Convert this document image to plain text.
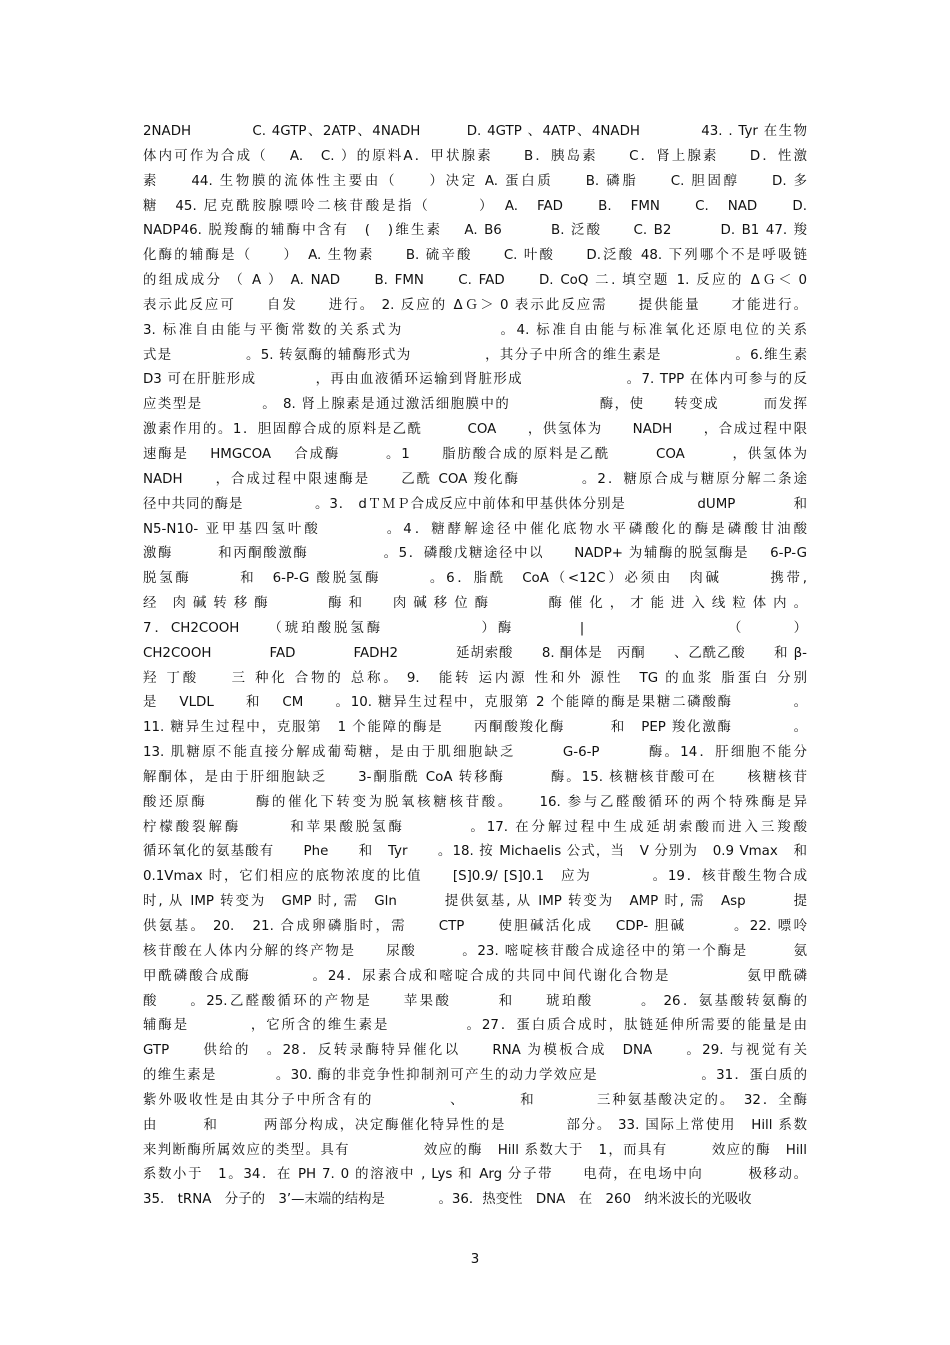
2NADH　　　　C. 4GTP、2ATP、4NADH　　　D. 4GTP 、4ATP、4NADH　　　　43. . Tyr 在生物
体内可作为合成（　 A.　C. ）的原料A．甲状腺素　　B．胰岛素　　C．肾上腺素　　D．性激
素　　44. 生物膜的流体性主要由（　　）决定 A. 蛋白质　　B. 磷脂　　C. 胆固醇　　D. 多
糖　45. 尼克酰胺腺嘌呤二核苷酸是指（　　　）　A.　FAD　　B.　FMN　　C.　NAD　　D.
NADP46. 脱羧酶的辅酶中含有　(　)维生素　 A. B6　　　B. 泛酸　　C. B2　　　D. B1 47. 羧
化酶的辅酶是（　　）　A. 生物素　　B. 硫辛酸　　C. 叶酸　　D.泛酸 48. 下列哪个不是呼吸链
的组成成分 （ A ） A. NAD　　B. FMN　　C. FAD　　D. CoQ 二. 填空题 1. 反应的 ΔＧ＜ 0
表示此反应可　　自发　　进行。 2. 反应的 ΔＧ＞ 0 表示此反应需　　提供能量　　才能进行。
3. 标准自由能与平衡常数的关系式为　　　　　　。4. 标准自由能与标准氧化还原电位的关系
式是　　　　　。5. 转氨酶的辅酶形式为　　　　　，其分子中所含的维生素是　　　　　。6.维生素
D3 可在肝脏形成　　　　，再由血液循环运输到肾脏形成　　　　　　　。7. TPP 在体内可参与的反
应类型是　　　　。 8. 肾上腺素是通过激活细胞膜中的　　　　　　酶，使　　转变成　　　而发挥
激素作用的。1．胆固醇合成的原料是乙酰　　　COA　　，供氢体为　　NADH　　，合成过程中限
速酶是　 HMGCOA　 合成酶　　　。1　　脂肪酸合成的原料是乙酰　　　COA　　　，供氢体为
NADH　　，合成过程中限速酶是　　乙酰 COA 羧化酶　　　　。2．糖原合成与糖原分解二条途
径中共同的酶是　　　　　。3． dＴＭＰ合成反应中前体和甲基供体分别是　　　　　dUMP　　　　和
N5-N10- 亚甲基四氢叶酸　　　　。4．糖酵解途径中催化底物水平磷酸化的酶是磷酸甘油酸
激酶　　　和丙酮酸激酶　　　　　。5．磷酸戊糖途径中以　　NADP+ 为辅酶的脱氢酶是　 6-P-G
脱氢酶　　　和　6-P-G 酸脱氢酶　　　。6．脂酰　CoA（<12C）必须由　肉碱　　　携带,
经　肉 碱 转 移 酶　　　　酶 和　　肉 碱 移 位 酶　　　　酶 催 化 ， 才 能 进 入 线 粒 体 内 。
7．CH2COOH　　（琥珀酸脱氢酶　　　　　　）酶　　　　|　　　　　　　　　（　　　）
CH2COOH　　　　FAD　　　　FADH2　　　　延胡索酸　　8. 酮体是　丙酮　　、乙酰乙酸　　和 β-
羟 丁酸　　三 种化 合物的 总称。 9.　能转 运内源 性和外 源性　TG 的血浆 脂蛋白 分别
是　 VLDL　　和　 CM　　。10. 糖异生过程中，克服第 2 个能障的酶是果糖二磷酸酶　　　　。
11. 糖异生过程中，克服第　1 个能障的酶是　　丙酮酸羧化酶　　　和　PEP 羧化激酶　　　　。
13. 肌糖原不能直接分解成葡萄糖，是由于肌细胞缺乏　　　G-6-P　　　酶。14．肝细胞不能分
解酮体，是由于肝细胞缺乏　　3-酮脂酰 CoA 转移酶　　　酶。15. 核糖核苷酸可在　　核糖核苷
酸还原酶　　　酶的催化下转变为脱氧核糖核苷酸。　　16. 参与乙醛酸循环的两个特殊酶是异
柠檬酸裂解酶　　　和苹果酸脱氢酶　　　　。17. 在分解过程中生成延胡索酸而进入三羧酸
循环氧化的氨基酸有　　Phe　　和　Tyr　　。18. 按 Michaelis 公式，当　V 分别为　0.9 Vmax　和
0.1Vmax 时，它们相应的底物浓度的比值　　[S]0.9/ [S]0.1　应为　　　　。19．核苷酸生物合成
时, 从 IMP 转变为　GMP 时, 需　Gln　　　提供氨基, 从 IMP 转变为　AMP 时, 需　Asp　　　提
供氨基。 20.　21. 合成卵磷脂时，需　　CTP　　使胆碱活化成　 CDP- 胆碱　　　。22. 嘌呤
核苷酸在人体内分解的终产物是　　尿酸　　　。23. 嘧啶核苷酸合成途径中的第一个酶是　　　氨
甲酰磷酸合成酶　　　　。24．尿素合成和嘧啶合成的共同中间代谢化合物是　　　　　氨甲酰磷
酸　　。25.乙醛酸循环的产物是　　苹果酸　　　和　　琥珀酸　　　。 26．氨基酸转氨酶的
辅酶是　　　　，它所含的维生素是　　　　　。27．蛋白质合成时，肽链延伸所需要的能量是由
GTP　　供给的　。28．反转录酶特异催化以　　RNA 为模板合成　DNA　　。29. 与视觉有关
的维生素是　　　　。30. 酶的非竞争性抑制剂可产生的动力学效应是　　　　　　　。31．蛋白质的
紫外吸收性是由其分子中所含有的　　　　　、　　　　和　　　　三种氨基酸决定的。　32．全酶
由　　　和　　　两部分构成，决定酶催化特异性的是　　　　部分。 33. 国际上常使用　Hill 系数
来判断酶所属效应的类型。具有　　　　　效应的酶　Hill 系数大于　1，而具有　　　效应的酶　Hill
系数小于　1。34．在 PH 7. 0 的溶液中 , Lys 和 Arg 分子带　　电荷，在电场中向　　　极移动。
35.　tRNA　分子的　3’—末端的结构是　　　　。36．热变性　DNA　在　260　纳米波长的光吸收
3
